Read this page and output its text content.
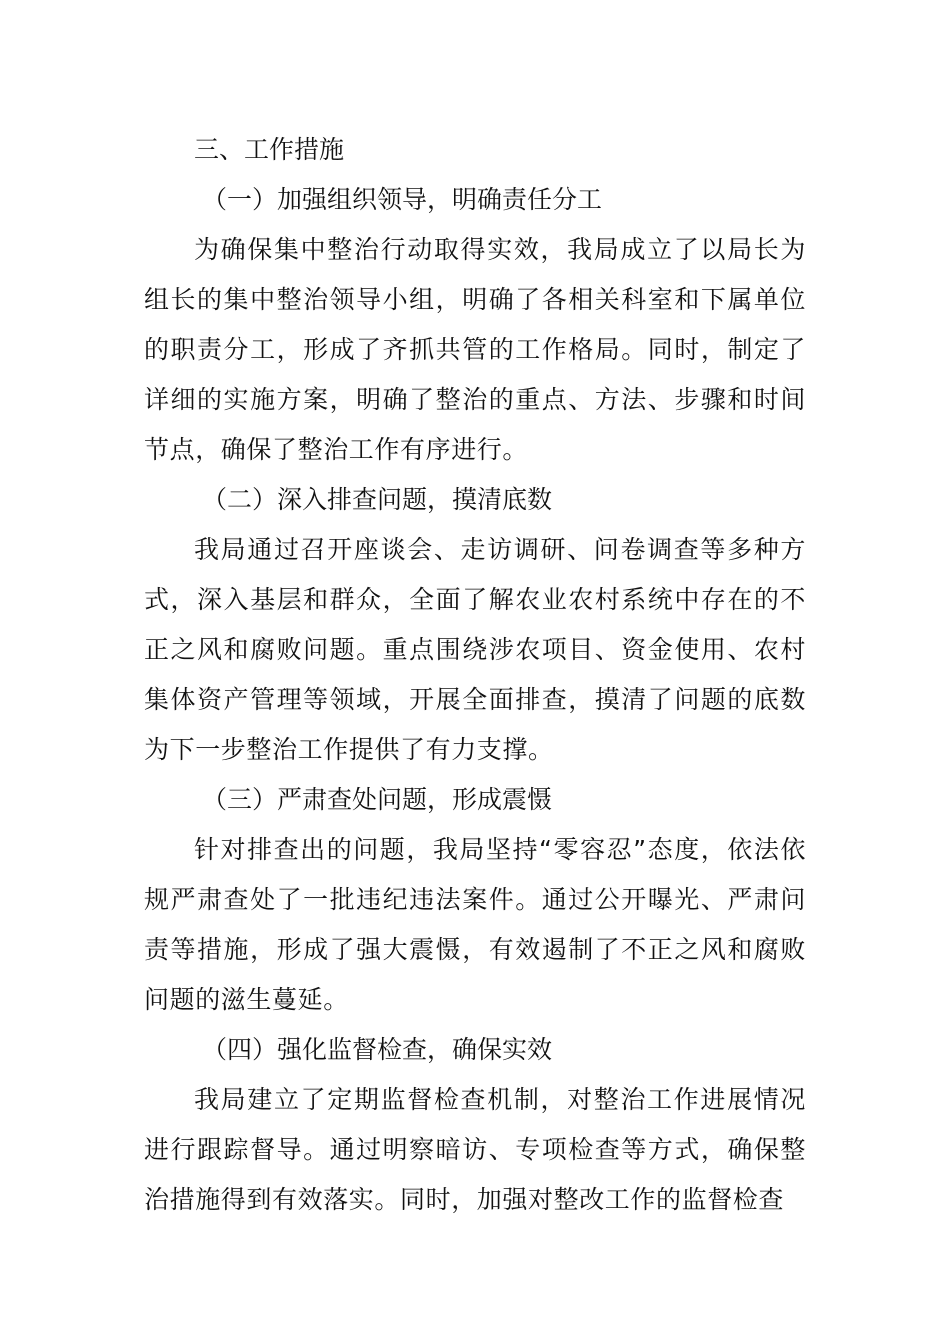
三、工作措施

（一）加强组织领导，明确责任分工

为确保集中整治行动取得实效，我局成立了以局长为组长的集中整治领导小组，明确了各相关科室和下属单位的职责分工，形成了齐抓共管的工作格局。同时，制定了详细的实施方案，明确了整治的重点、方法、步骤和时间节点，确保了整治工作有序进行。

（二）深入排查问题，摸清底数

我局通过召开座谈会、走访调研、问卷调查等多种方式，深入基层和群众，全面了解农业农村系统中存在的不正之风和腐败问题。重点围绕涉农项目、资金使用、农村集体资产管理等领域，开展全面排查，摸清了问题的底数为下一步整治工作提供了有力支撑。

（三）严肃查处问题，形成震慑

针对排查出的问题，我局坚持“零容忍”态度，依法依规严肃查处了一批违纪违法案件。通过公开曝光、严肃问责等措施，形成了强大震慑，有效遏制了不正之风和腐败问题的滋生蔓延。

（四）强化监督检查，确保实效

我局建立了定期监督检查机制，对整治工作进展情况进行跟踪督导。通过明察暗访、专项检查等方式，确保整治措施得到有效落实。同时，加强对整改工作的监督检查
